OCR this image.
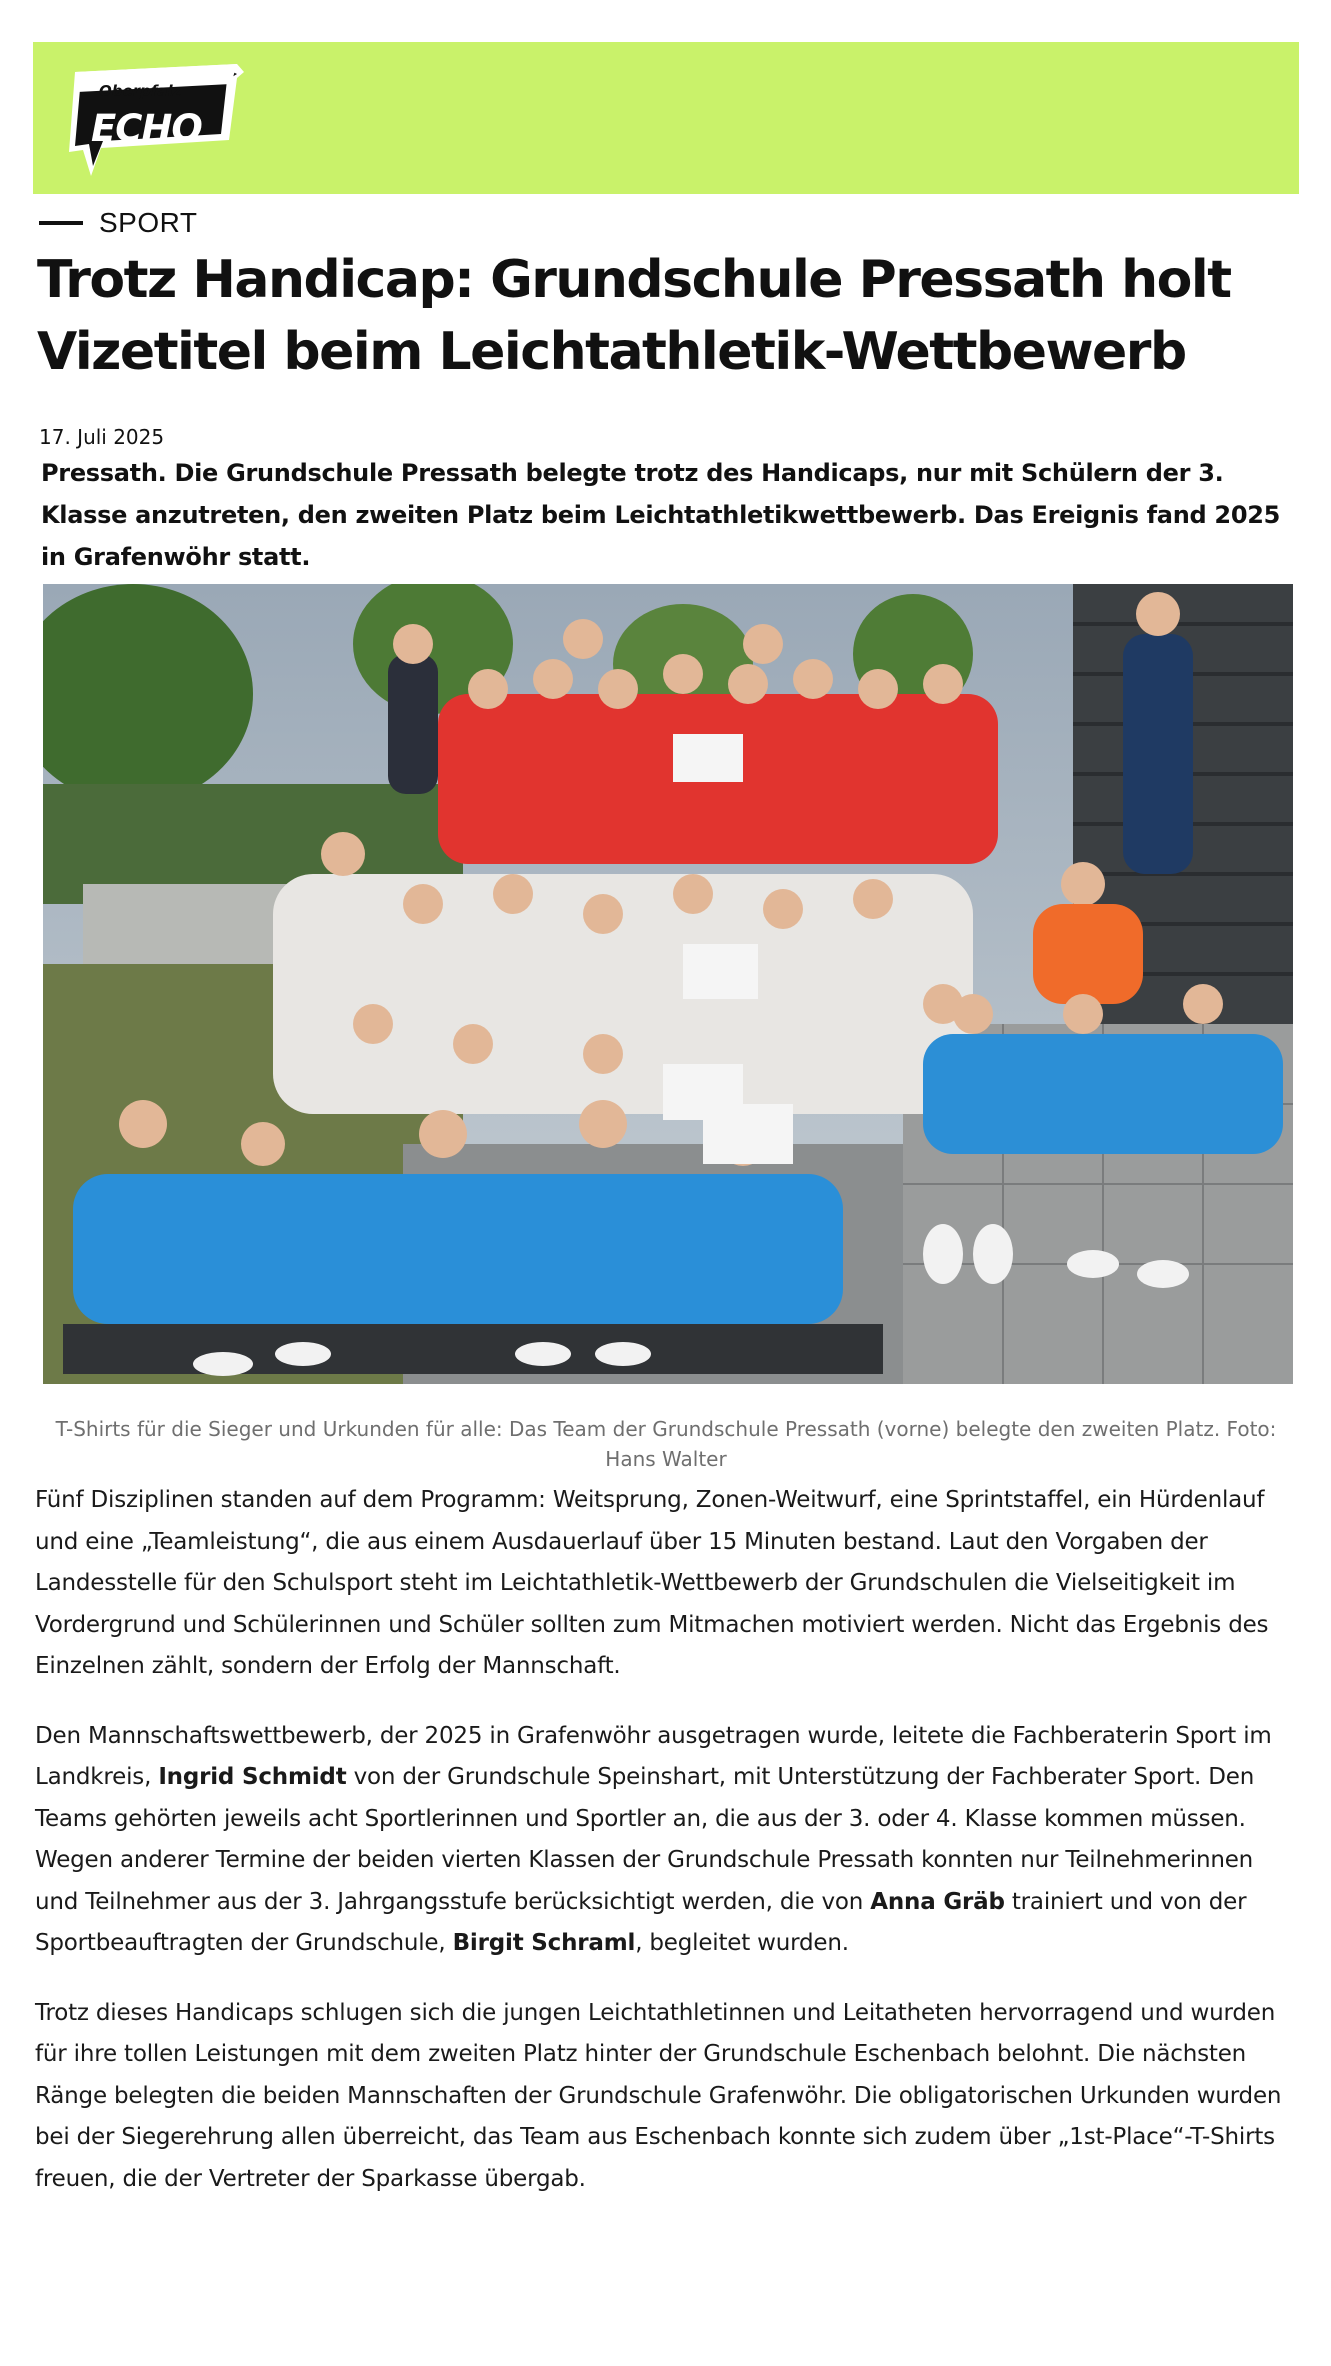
Oberpfalz
ECHO
SPORT
Trotz Handicap: Grundschule Pressath holt Vizetitel beim Leichtathletik-Wettbewerb
17. Juli 2025
Pressath. Die Grundschule Pressath belegte trotz des Handicaps, nur mit Schülern der 3. Klasse anzutreten, den zweiten Platz beim Leichtathletikwettbewerb. Das Ereignis fand 2025 in Grafenwöhr statt.
T-Shirts für die Sieger und Urkunden für alle: Das Team der Grundschule Pressath (vorne) belegte den zweiten Platz. Foto: Hans Walter

Fünf Disziplinen standen auf dem Programm: Weitsprung, Zonen-Weitwurf, eine Sprintstaffel, ein Hürdenlauf und eine „Teamleistung“, die aus einem Ausdauerlauf über 15 Minuten bestand. Laut den Vorgaben der Landesstelle für den Schulsport steht im Leichtathletik-Wettbewerb der Grundschulen die Vielseitigkeit im Vordergrund und Schülerinnen und Schüler sollten zum Mitmachen motiviert werden. Nicht das Ergebnis des Einzelnen zählt, sondern der Erfolg der Mannschaft.

Den Mannschaftswettbewerb, der 2025 in Grafenwöhr ausgetragen wurde, leitete die Fachberaterin Sport im Landkreis, Ingrid Schmidt von der Grundschule Speinshart, mit Unterstützung der Fachberater Sport. Den Teams gehörten jeweils acht Sportlerinnen und Sportler an, die aus der 3. oder 4. Klasse kommen müssen. Wegen anderer Termine der beiden vierten Klassen der Grundschule Pressath konnten nur Teilnehmerinnen und Teilnehmer aus der 3. Jahrgangsstufe berücksichtigt werden, die von Anna Gräb trainiert und von der Sportbeauftragten der Grundschule, Birgit Schraml, begleitet wurden.

Trotz dieses Handicaps schlugen sich die jungen Leichtathletinnen und Leitatheten hervorragend und wurden für ihre tollen Leistungen mit dem zweiten Platz hinter der Grundschule Eschenbach belohnt. Die nächsten Ränge belegten die beiden Mannschaften der Grundschule Grafenwöhr. Die obligatorischen Urkunden wurden bei der Siegerehrung allen überreicht, das Team aus Eschenbach konnte sich zudem über „1st-Place“-T-Shirts freuen, die der Vertreter der Sparkasse übergab.
